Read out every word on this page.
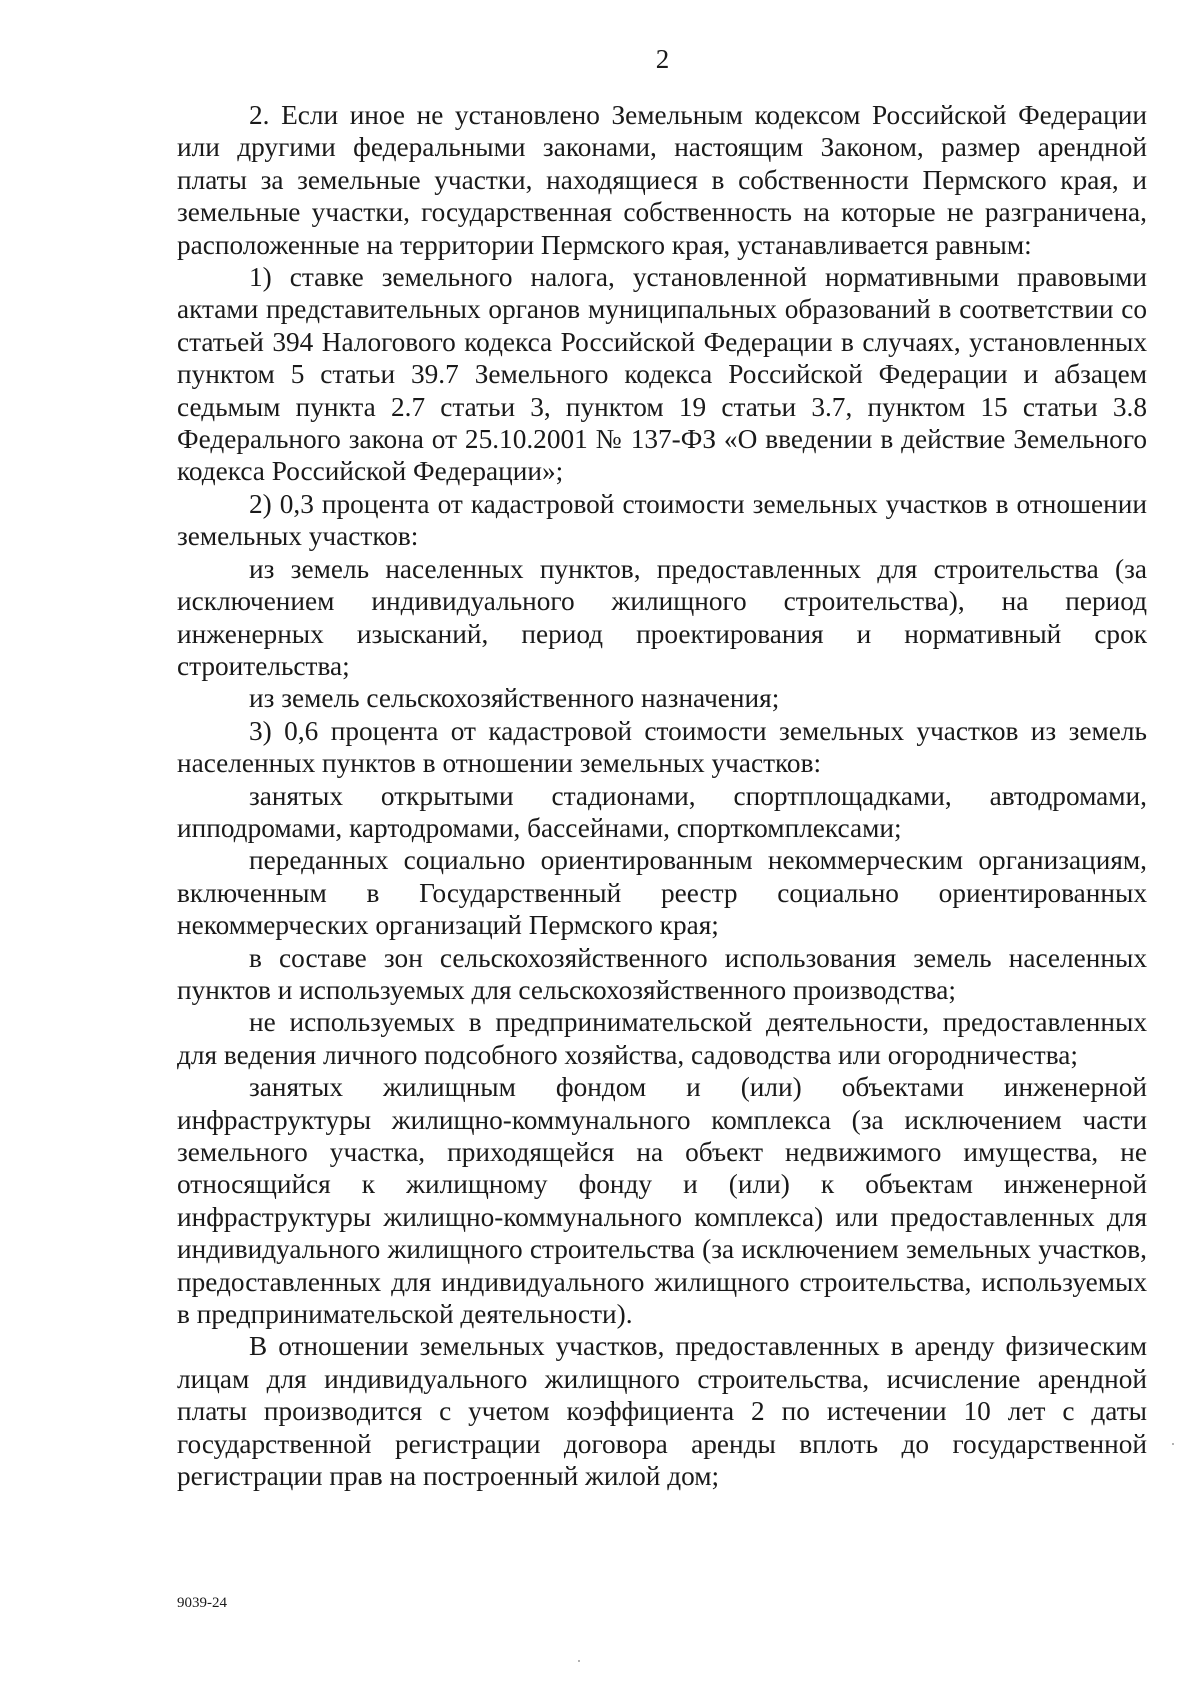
2

2. Если иное не установлено Земельным кодексом Российской Федерации или другими федеральными законами, настоящим Законом, размер арендной платы за земельные участки, находящиеся в собственности Пермского края, и земельные участки, государственная собственность на которые не разграничена, расположенные на территории Пермского края, устанавливается равным:

1) ставке земельного налога, установленной нормативными правовыми актами представительных органов муниципальных образований в соответствии со статьей 394 Налогового кодекса Российской Федерации в случаях, установленных пунктом 5 статьи 39.7 Земельного кодекса Российской Федерации и абзацем седьмым пункта 2.7 статьи 3, пунктом 19 статьи 3.7, пунктом 15 статьи 3.8 Федерального закона от 25.10.2001 № 137-ФЗ «О введении в действие Земельного кодекса Российской Федерации»;

2) 0,3 процента от кадастровой стоимости земельных участков в отношении земельных участков:

из земель населенных пунктов, предоставленных для строительства (за исключением индивидуального жилищного строительства), на период инженерных изысканий, период проектирования и нормативный срок строительства;

из земель сельскохозяйственного назначения;

3) 0,6 процента от кадастровой стоимости земельных участков из земель населенных пунктов в отношении земельных участков:

занятых открытыми стадионами, спортплощадками, автодромами, ипподромами, картодромами, бассейнами, спорткомплексами;

переданных социально ориентированным некоммерческим организациям, включенным в Государственный реестр социально ориентированных некоммерческих организаций Пермского края;

в составе зон сельскохозяйственного использования земель населенных пунктов и используемых для сельскохозяйственного производства;

не используемых в предпринимательской деятельности, предоставленных для ведения личного подсобного хозяйства, садоводства или огородничества;

занятых жилищным фондом и (или) объектами инженерной инфраструктуры жилищно-коммунального комплекса (за исключением части земельного участка, приходящейся на объект недвижимого имущества, не относящийся к жилищному фонду и (или) к объектам инженерной инфраструктуры жилищно-коммунального комплекса) или предоставленных для индивидуального жилищного строительства (за исключением земельных участков, предоставленных для индивидуального жилищного строительства, используемых в предпринимательской деятельности).

В отношении земельных участков, предоставленных в аренду физическим лицам для индивидуального жилищного строительства, исчисление арендной платы производится с учетом коэффициента 2 по истечении 10 лет с даты государственной регистрации договора аренды вплоть до государственной регистрации прав на построенный жилой дом;

9039-24
